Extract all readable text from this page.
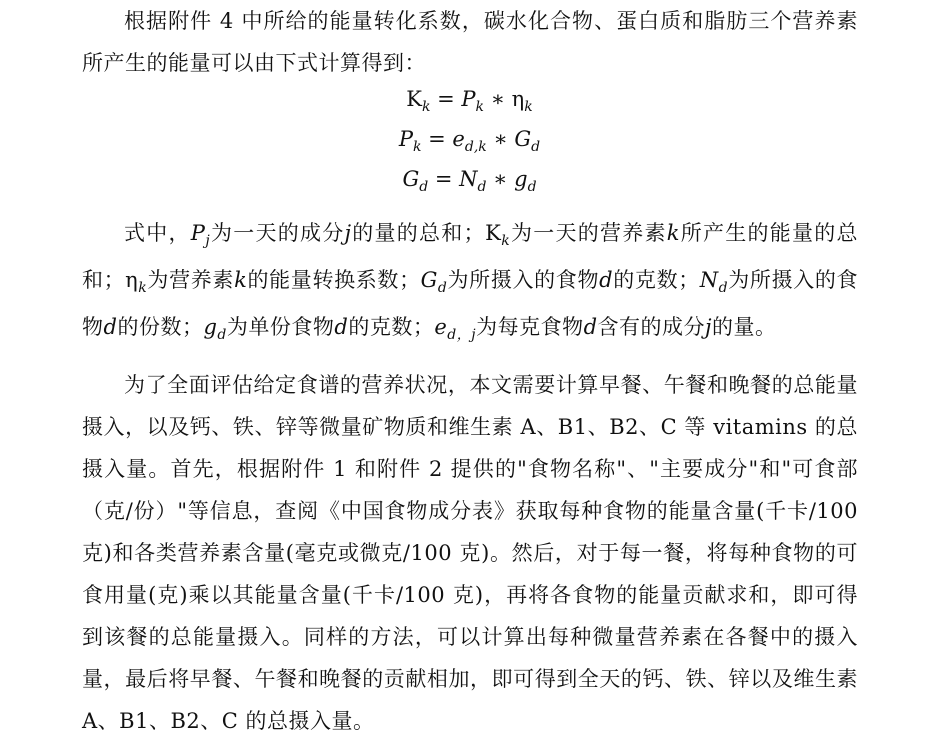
根据附件 4 中所给的能量转化系数，碳水化合物、蛋白质和脂肪三个营养素所产生的能量可以由下式计算得到：

$K_k = P_k$ ∗ $\eta_k$
$P_k = e_{d,k}$ ∗ $G_d$
$G_d = N_d$ ∗ $g_d$

式中，$P_j$为一天的成分j的量的总和；$K_k$为一天的营养素k所产生的能量的总和；$\eta_k$为营养素k的能量转换系数；$G_d$为所摄入的食物d的克数；$N_d$为所摄入的食物d的份数；$g_d$为单份食物d的克数；$e_{d,j}$为每克食物d含有的成分j的量。

为了全面评估给定食谱的营养状况，本文需要计算早餐、午餐和晚餐的总能量摄入，以及钙、铁、锌等微量矿物质和维生素 A、B1、B2、C 等 vitamins 的总摄入量。首先，根据附件 1 和附件 2 提供的"食物名称"、"主要成分"和"可食部（克/份）"等信息，查阅《中国食物成分表》获取每种食物的能量含量(千卡/100 克)和各类营养素含量(毫克或微克/100 克)。然后，对于每一餐，将每种食物的可食用量(克)乘以其能量含量(千卡/100 克)，再将各食物的能量贡献求和，即可得到该餐的总能量摄入。同样的方法，可以计算出每种微量营养素在各餐中的摄入量，最后将早餐、午餐和晚餐的贡献相加，即可得到全天的钙、铁、锌以及维生素 A、B1、B2、C 的总摄入量。
